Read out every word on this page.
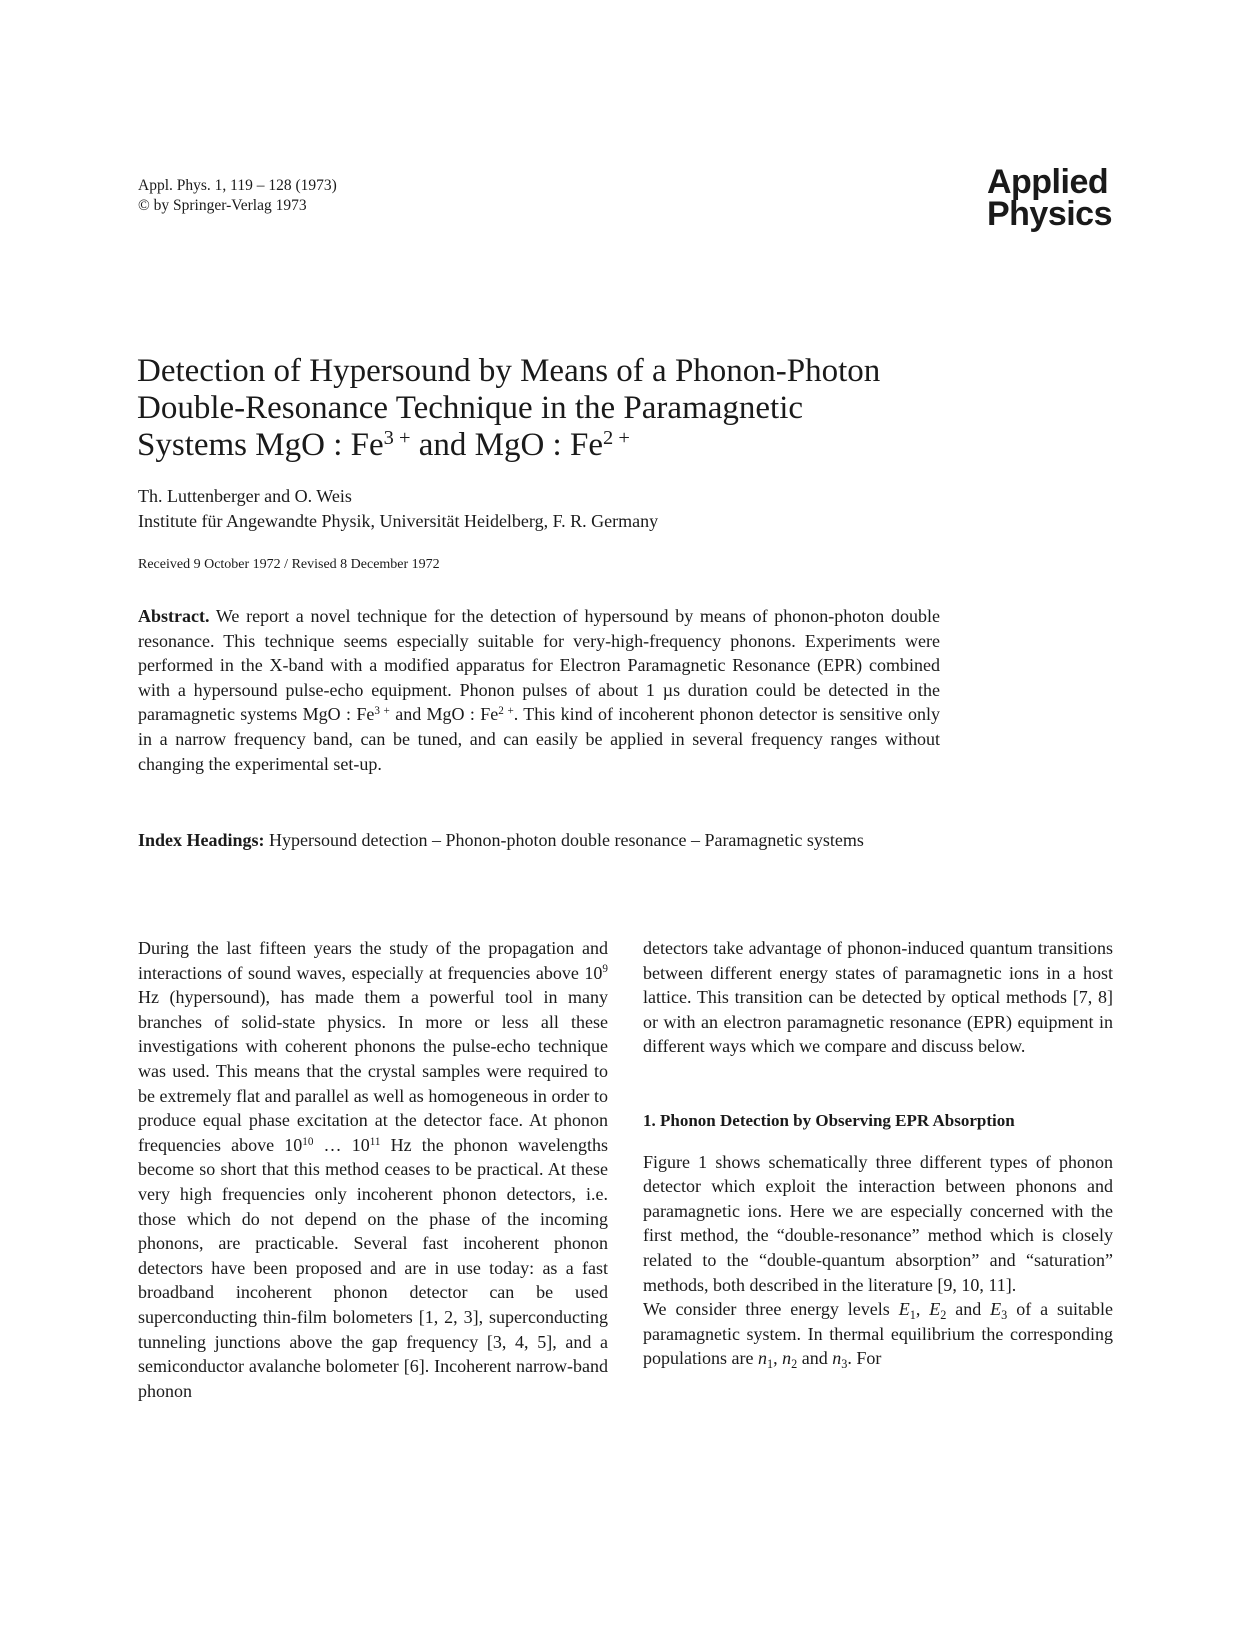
Appl. Phys. 1, 119 – 128 (1973)
© by Springer-Verlag 1973
Applied
Physics
Detection of Hypersound by Means of a Phonon-Photon
Double-Resonance Technique in the Paramagnetic
Systems MgO : $Fe^{3 +}$ and MgO : $Fe^{2 +}$
Th. Luttenberger and O. Weis
Institute für Angewandte Physik, Universität Heidelberg, F. R. Germany
Received 9 October 1972 / Revised 8 December 1972
Abstract. We report a novel technique for the detection of hypersound by means of phonon-photon double resonance. This technique seems especially suitable for very-high-frequency phonons. Experiments were performed in the X-band with a modified apparatus for Electron Paramagnetic Resonance (EPR) combined with a hypersound pulse-echo equipment. Phonon pulses of about 1 µs duration could be detected in the paramagnetic systems MgO : $Fe^{3 +}$ and MgO : $Fe^{2 +}$. This kind of incoherent phonon detector is sensitive only in a narrow frequency band, can be tuned, and can easily be applied in several frequency ranges without changing the experimental set-up.
Index Headings: Hypersound detection – Phonon-photon double resonance – Paramagnetic systems

During the last fifteen years the study of the propagation and interactions of sound waves, especially at frequencies above $10^9$ Hz (hypersound), has made them a powerful tool in many branches of solid-state physics. In more or less all these investigations with coherent phonons the pulse-echo technique was used. This means that the crystal samples were required to be extremely flat and parallel as well as homogeneous in order to produce equal phase excitation at the detector face. At phonon frequencies above $10^{10}$ … $10^{11}$ Hz the phonon wavelengths become so short that this method ceases to be practical. At these very high frequencies only incoherent phonon detectors, i.e. those which do not depend on the phase of the incoming phonons, are practicable. Several fast incoherent phonon detectors have been proposed and are in use today: as a fast broadband incoherent phonon detector can be used superconducting thin-film bolometers [1, 2, 3], superconducting tunneling junctions above the gap frequency [3, 4, 5], and a semiconductor avalanche bolometer [6]. Incoherent narrow-band phonon

detectors take advantage of phonon-induced quantum transitions between different energy states of paramagnetic ions in a host lattice. This transition can be detected by optical methods [7, 8] or with an electron paramagnetic resonance (EPR) equipment in different ways which we compare and discuss below.

1. Phonon Detection by Observing EPR Absorption

Figure 1 shows schematically three different types of phonon detector which exploit the interaction between phonons and paramagnetic ions. Here we are especially concerned with the first method, the “double-resonance” method which is closely related to the “double-quantum absorption” and “saturation” methods, both described in the literature [9, 10, 11].

We consider three energy levels $E_1$, $E_2$ and $E_3$ of a suitable paramagnetic system. In thermal equilibrium the corresponding populations are $n_1$, $n_2$ and $n_3$. For
